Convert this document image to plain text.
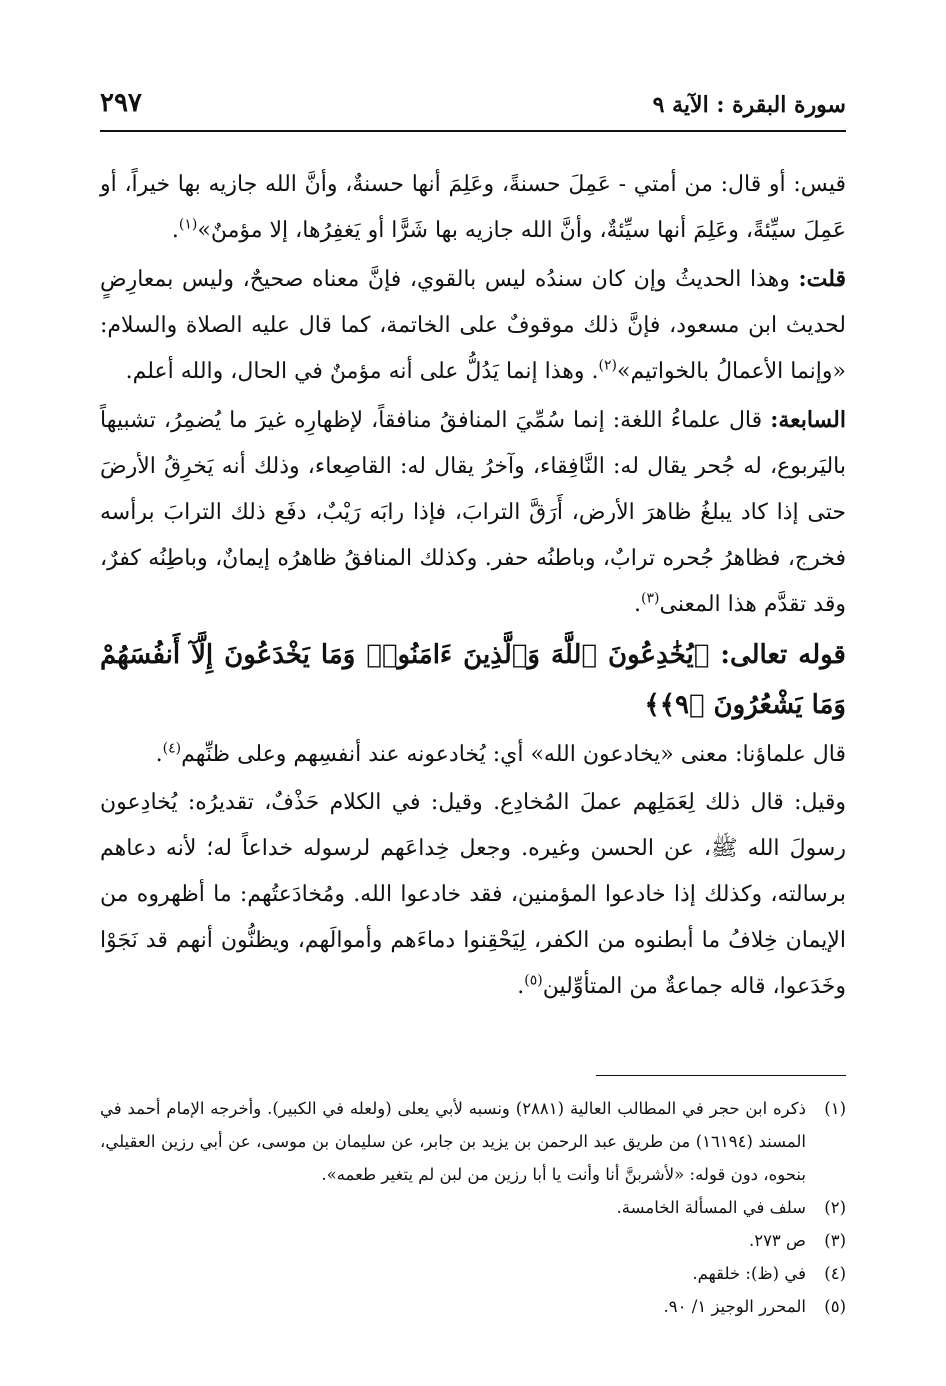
سورة البقرة : الآية ٩
٢٩٧

قيس: أو قال: من أمتي - عَمِلَ حسنةً، وعَلِمَ أنها حسنةٌ، وأنَّ الله جازيه بها خيراً، أو عَمِلَ سيِّئةً، وعَلِمَ أنها سيِّئةٌ، وأنَّ الله جازيه بها شَرًّا أو يَغفِرُها، إلا مؤمنٌ»$^{(١)}$.

قلت: وهذا الحديثُ وإن كان سندُه ليس بالقوي، فإنَّ معناه صحيحٌ، وليس بمعارِضٍ لحديث ابن مسعود، فإنَّ ذلك موقوفٌ على الخاتمة، كما قال عليه الصلاة والسلام: «وإنما الأعمالُ بالخواتيم»$^{(٢)}$. وهذا إنما يَدُلُّ على أنه مؤمنٌ في الحال، والله أعلم.

السابعة: قال علماءُ اللغة: إنما سُمِّيَ المنافقُ منافقاً، لإظهارِه غيرَ ما يُضمِرُ، تشبيهاً باليَربوع، له جُحر يقال له: النَّافِقاء، وآخرُ يقال له: القاصِعاء، وذلك أنه يَخرِقُ الأرضَ حتى إذا كاد يبلغُ ظاهرَ الأرض، أَرَقَّ الترابَ، فإذا رابَه رَيْبٌ، دفَع ذلك الترابَ برأسه فخرج، فظاهرُ جُحره ترابٌ، وباطنُه حفر. وكذلك المنافقُ ظاهرُه إيمانٌ، وباطِنُه كفرٌ، وقد تقدَّم هذا المعنى$^{(٣)}$.

قوله تعالى: ﴿يُخَٰدِعُونَ ٱللَّهَ وَٱلَّذِينَ ءَامَنُوا۟ وَمَا يَخْدَعُونَ إِلَّآ أَنفُسَهُمْ وَمَا يَشْعُرُونَ ﴿٩﴾﴾

قال علماؤنا: معنى «يخادعون الله» أي: يُخادعونه عند أنفسِهم وعلى ظنِّهم$^{(٤)}$.

وقيل: قال ذلك لِعَمَلِهم عملَ المُخادِع. وقيل: في الكلام حَذْفٌ، تقديرُه: يُخادِعون رسولَ الله ﷺ، عن الحسن وغيره. وجعل خِداعَهم لرسوله خداعاً له؛ لأنه دعاهم برسالته، وكذلك إذا خادعوا المؤمنين، فقد خادعوا الله. ومُخادَعتُهم: ما أظهروه من الإيمان خِلافُ ما أبطنوه من الكفر، لِيَحْقِنوا دماءَهم وأموالَهم، ويظنُّون أنهم قد نَجَوْا وخَدَعوا، قاله جماعةٌ من المتأوِّلين$^{(٥)}$.

(١)
ذكره ابن حجر في المطالب العالية (٢٨٨١) ونسبه لأبي يعلى (ولعله في الكبير). وأخرجه الإمام أحمد في المسند (١٦١٩٤) من طريق عبد الرحمن بن يزيد بن جابر، عن سليمان بن موسى، عن أبي رزين العقيلي، بنحوه، دون قوله: «لأشربنَّ أنا وأنت يا أبا رزين من لبن لم يتغير طعمه».
(٢)
سلف في المسألة الخامسة.
(٣)
ص ٢٧٣.
(٤)
في (ظ): خلقهم.
(٥)
المحرر الوجيز ١/ ٩٠.
